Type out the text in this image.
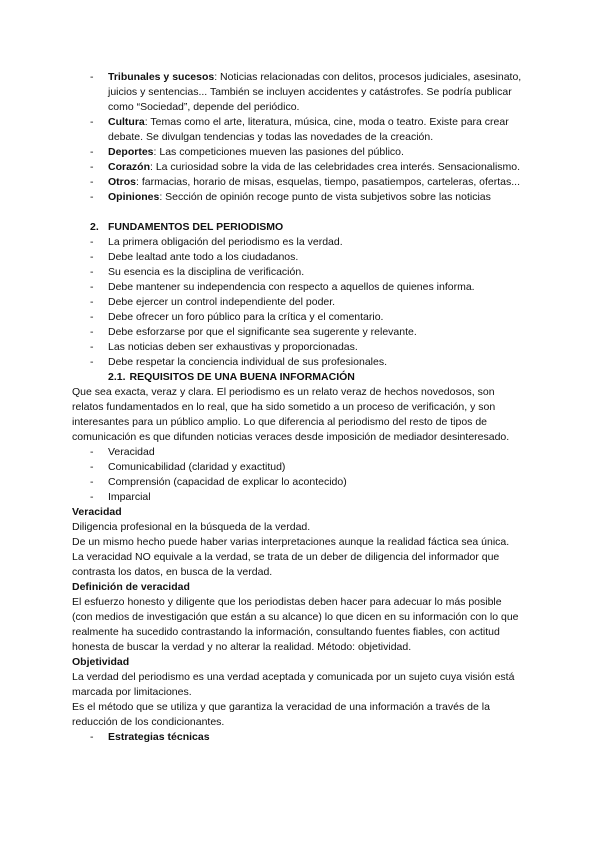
- Tribunales y sucesos: Noticias relacionadas con delitos, procesos judiciales, asesinato, juicios y sentencias... También se incluyen accidentes y catástrofes. Se podría publicar como “Sociedad”, depende del periódico.
- Cultura: Temas como el arte, literatura, música, cine, moda o teatro. Existe para crear debate. Se divulgan tendencias y todas las novedades de la creación.
- Deportes: Las competiciones mueven las pasiones del público.
- Corazón: La curiosidad sobre la vida de las celebridades crea interés. Sensacionalismo.
- Otros: farmacias, horario de misas, esquelas, tiempo, pasatiempos, carteleras, ofertas...
- Opiniones: Sección de opinión recoge punto de vista subjetivos sobre las noticias
2. FUNDAMENTOS DEL PERIODISMO
- La primera obligación del periodismo es la verdad.
- Debe lealtad ante todo a los ciudadanos.
- Su esencia es la disciplina de verificación.
- Debe mantener su independencia con respecto a aquellos de quienes informa.
- Debe ejercer un control independiente del poder.
- Debe ofrecer un foro público para la crítica y el comentario.
- Debe esforzarse por que el significante sea sugerente y relevante.
- Las noticias deben ser exhaustivas y proporcionadas.
- Debe respetar la conciencia individual de sus profesionales.
2.1. REQUISITOS DE UNA BUENA INFORMACIÓN

Que sea exacta, veraz y clara. El periodismo es un relato veraz de hechos novedosos, son relatos fundamentados en lo real, que ha sido sometido a un proceso de verificación, y son interesantes para un público amplio. Lo que diferencia al periodismo del resto de tipos de comunicación es que difunden noticias veraces desde imposición de mediador desinteresado.

- Veracidad
- Comunicabilidad (claridad y exactitud)
- Comprensión (capacidad de explicar lo acontecido)
- Imparcial

Veracidad

Diligencia profesional en la búsqueda de la verdad.

De un mismo hecho puede haber varias interpretaciones aunque la realidad fáctica sea única. La veracidad NO equivale a la verdad, se trata de un deber de diligencia del informador que contrasta los datos, en busca de la verdad.

Definición de veracidad

El esfuerzo honesto y diligente que los periodistas deben hacer para adecuar lo más posible (con medios de investigación que están a su alcance) lo que dicen en su información con lo que realmente ha sucedido contrastando la información, consultando fuentes fiables, con actitud honesta de buscar la verdad y no alterar la realidad. Método: objetividad.

Objetividad

La verdad del periodismo es una verdad aceptada y comunicada por un sujeto cuya visión está marcada por limitaciones.

Es el método que se utiliza y que garantiza la veracidad de una información a través de la reducción de los condicionantes.

- Estrategias técnicas
